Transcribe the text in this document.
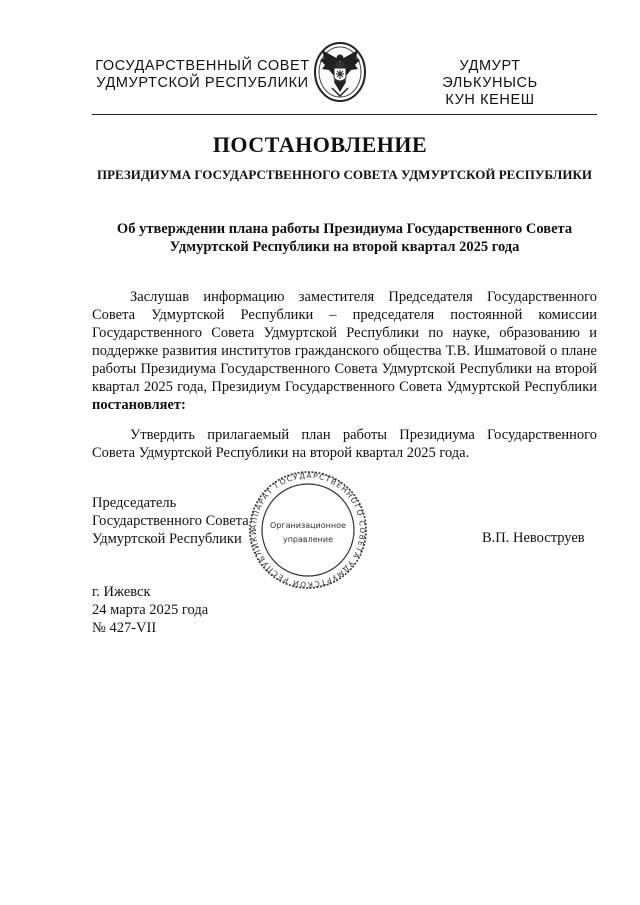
ГОСУДАРСТВЕННЫЙ СОВЕТ
УДМУРТСКОЙ РЕСПУБЛИКИ
УДМУРТ ЭЛЬКУНЫСЬ
КУН КЕНЕШ
ПОСТАНОВЛЕНИЕ
ПРЕЗИДИУМА ГОСУДАРСТВЕННОГО СОВЕТА УДМУРТСКОЙ РЕСПУБЛИКИ
Об утверждении плана работы Президиума Государственного Совета
Удмуртской Республики на второй квартал 2025 года

Заслушав информацию заместителя Председателя Государственного Совета Удмуртской Республики – председателя постоянной комиссии Государственного Совета Удмуртской Республики по науке, образованию и поддержке развития институтов гражданского общества Т.В. Ишматовой о плане работы Президиума Государственного Совета Удмуртской Республики на второй квартал 2025 года, Президиум Государственного Совета Удмуртской Республики постановляет:

Утвердить прилагаемый план работы Президиума Государственного Совета Удмуртской Республики на второй квартал 2025 года.

Председатель
Государственного Совета
Удмуртской Республики
АППАРАТ ГОСУДАРСТВЕННОГО СОВЕТА УДМУРТСКОЙ РЕСПУБЛИКИ
Организационное
управление	В.П. Невоструев
г. Ижевск
24 марта 2025 года
№ 427-VII
